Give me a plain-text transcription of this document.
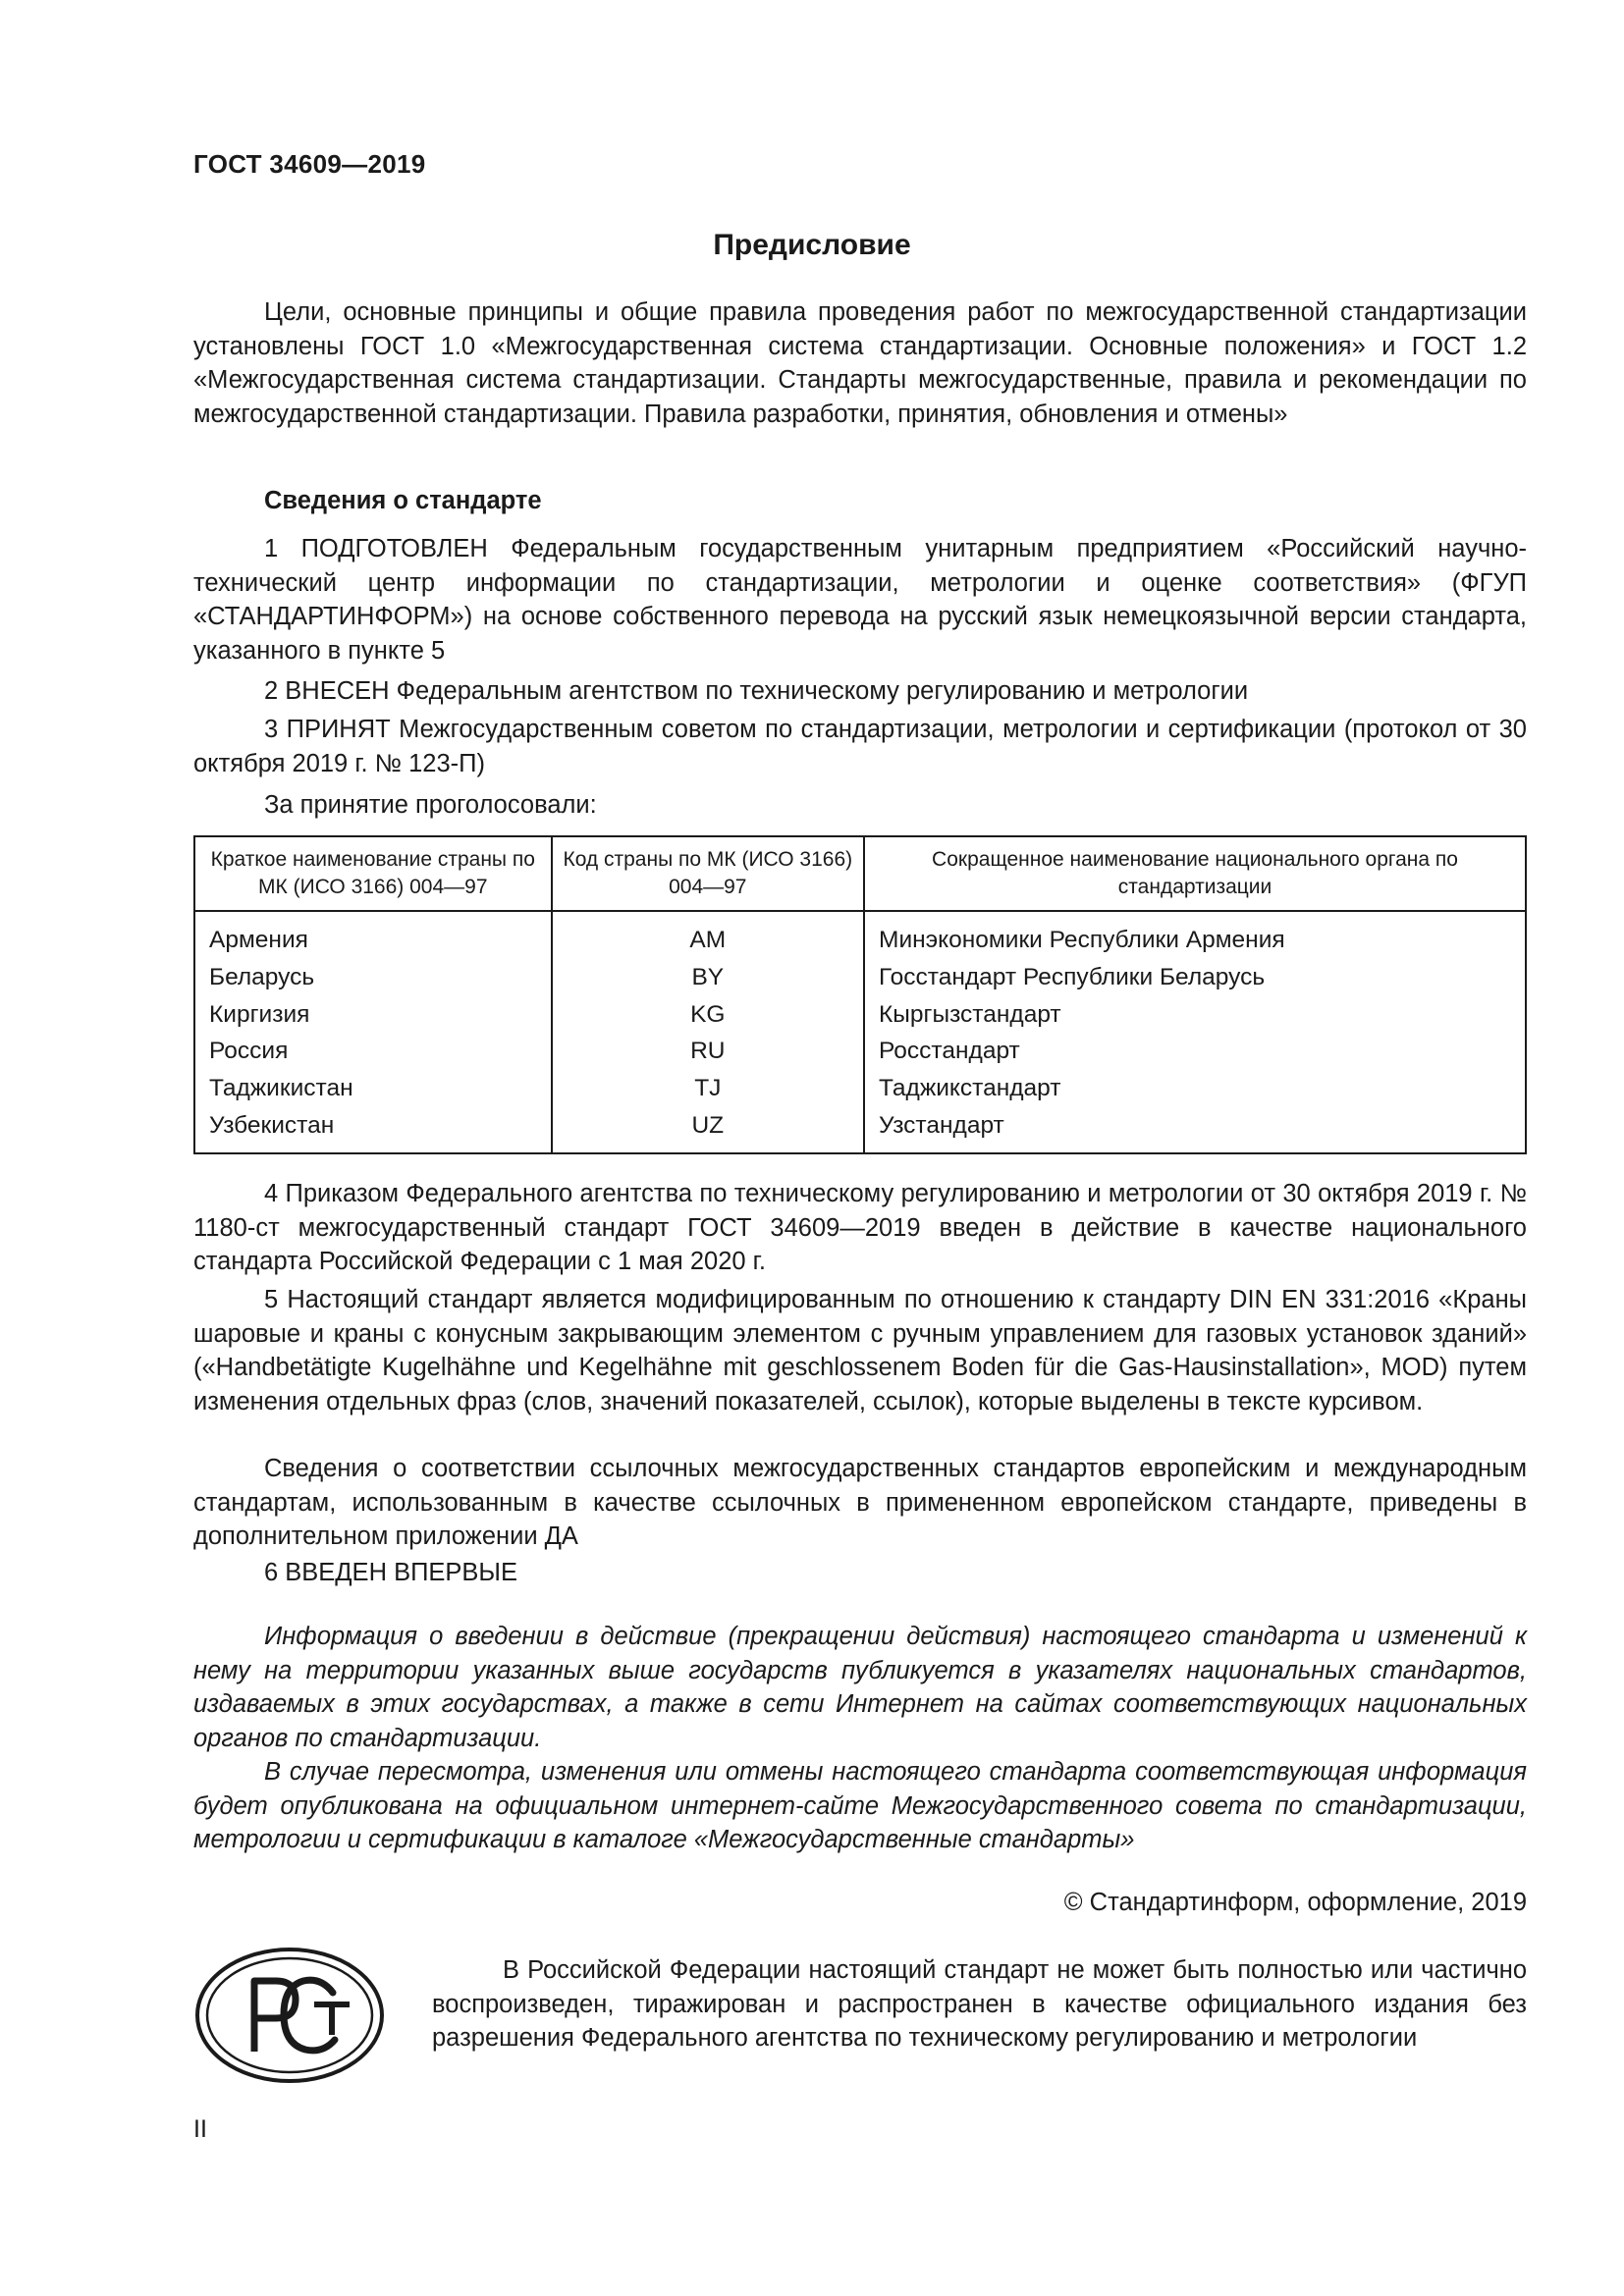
ГОСТ 34609—2019
Предисловие

Цели, основные принципы и общие правила проведения работ по межгосударственной стандартизации установлены ГОСТ 1.0 «Межгосударственная система стандартизации. Основные положения» и ГОСТ 1.2 «Межгосударственная система стандартизации. Стандарты межгосударственные, правила и рекомендации по межгосударственной стандартизации. Правила разработки, принятия, обновления и отмены»

Сведения о стандарте

1 ПОДГОТОВЛЕН Федеральным государственным унитарным предприятием «Российский научно-технический центр информации по стандартизации, метрологии и оценке соответствия» (ФГУП «СТАНДАРТИНФОРМ») на основе собственного перевода на русский язык немецкоязычной версии стандарта, указанного в пункте 5

2 ВНЕСЕН Федеральным агентством по техническому регулированию и метрологии

3 ПРИНЯТ Межгосударственным советом по стандартизации, метрологии и сертификации (протокол от 30 октября 2019 г. № 123-П)

За принятие проголосовали:
Краткое наименование страны по МК (ИСО 3166) 004—97	Код страны по МК (ИСО 3166) 004—97	Сокращенное наименование национального органа по стандартизации
Армения	AM	Минэкономики Республики Армения
Беларусь	BY	Госстандарт Республики Беларусь
Киргизия	KG	Кыргызстандарт
Россия	RU	Росстандарт
Таджикистан	TJ	Таджикстандарт
Узбекистан	UZ	Узстандарт

4 Приказом Федерального агентства по техническому регулированию и метрологии от 30 октября 2019 г. № 1180-ст межгосударственный стандарт ГОСТ 34609—2019 введен в действие в качестве национального стандарта Российской Федерации с 1 мая 2020 г.

5 Настоящий стандарт является модифицированным по отношению к стандарту DIN EN 331:2016 «Краны шаровые и краны с конусным закрывающим элементом с ручным управлением для газовых установок зданий» («Handbetätigte Kugelhähne und Kegelhähne mit geschlossenem Boden für die Gas-Hausinstallation», MOD) путем изменения отдельных фраз (слов, значений показателей, ссылок), которые выделены в тексте курсивом.

Сведения о соответствии ссылочных межгосударственных стандартов европейским и международным стандартам, использованным в качестве ссылочных в примененном европейском стандарте, приведены в дополнительном приложении ДА

6 ВВЕДЕН ВПЕРВЫЕ

Информация о введении в действие (прекращении действия) настоящего стандарта и изменений к нему на территории указанных выше государств публикуется в указателях национальных стандартов, издаваемых в этих государствах, а также в сети Интернет на сайтах соответствующих национальных органов по стандартизации.

В случае пересмотра, изменения или отмены настоящего стандарта соответствующая информация будет опубликована на официальном интернет-сайте Межгосударственного совета по стандартизации, метрологии и сертификации в каталоге «Межгосударственные стандарты»

© Стандартинформ, оформление, 2019

В Российской Федерации настоящий стандарт не может быть полностью или частично воспроизведен, тиражирован и распространен в качестве официального издания без разрешения Федерального агентства по техническому регулированию и метрологии

II
